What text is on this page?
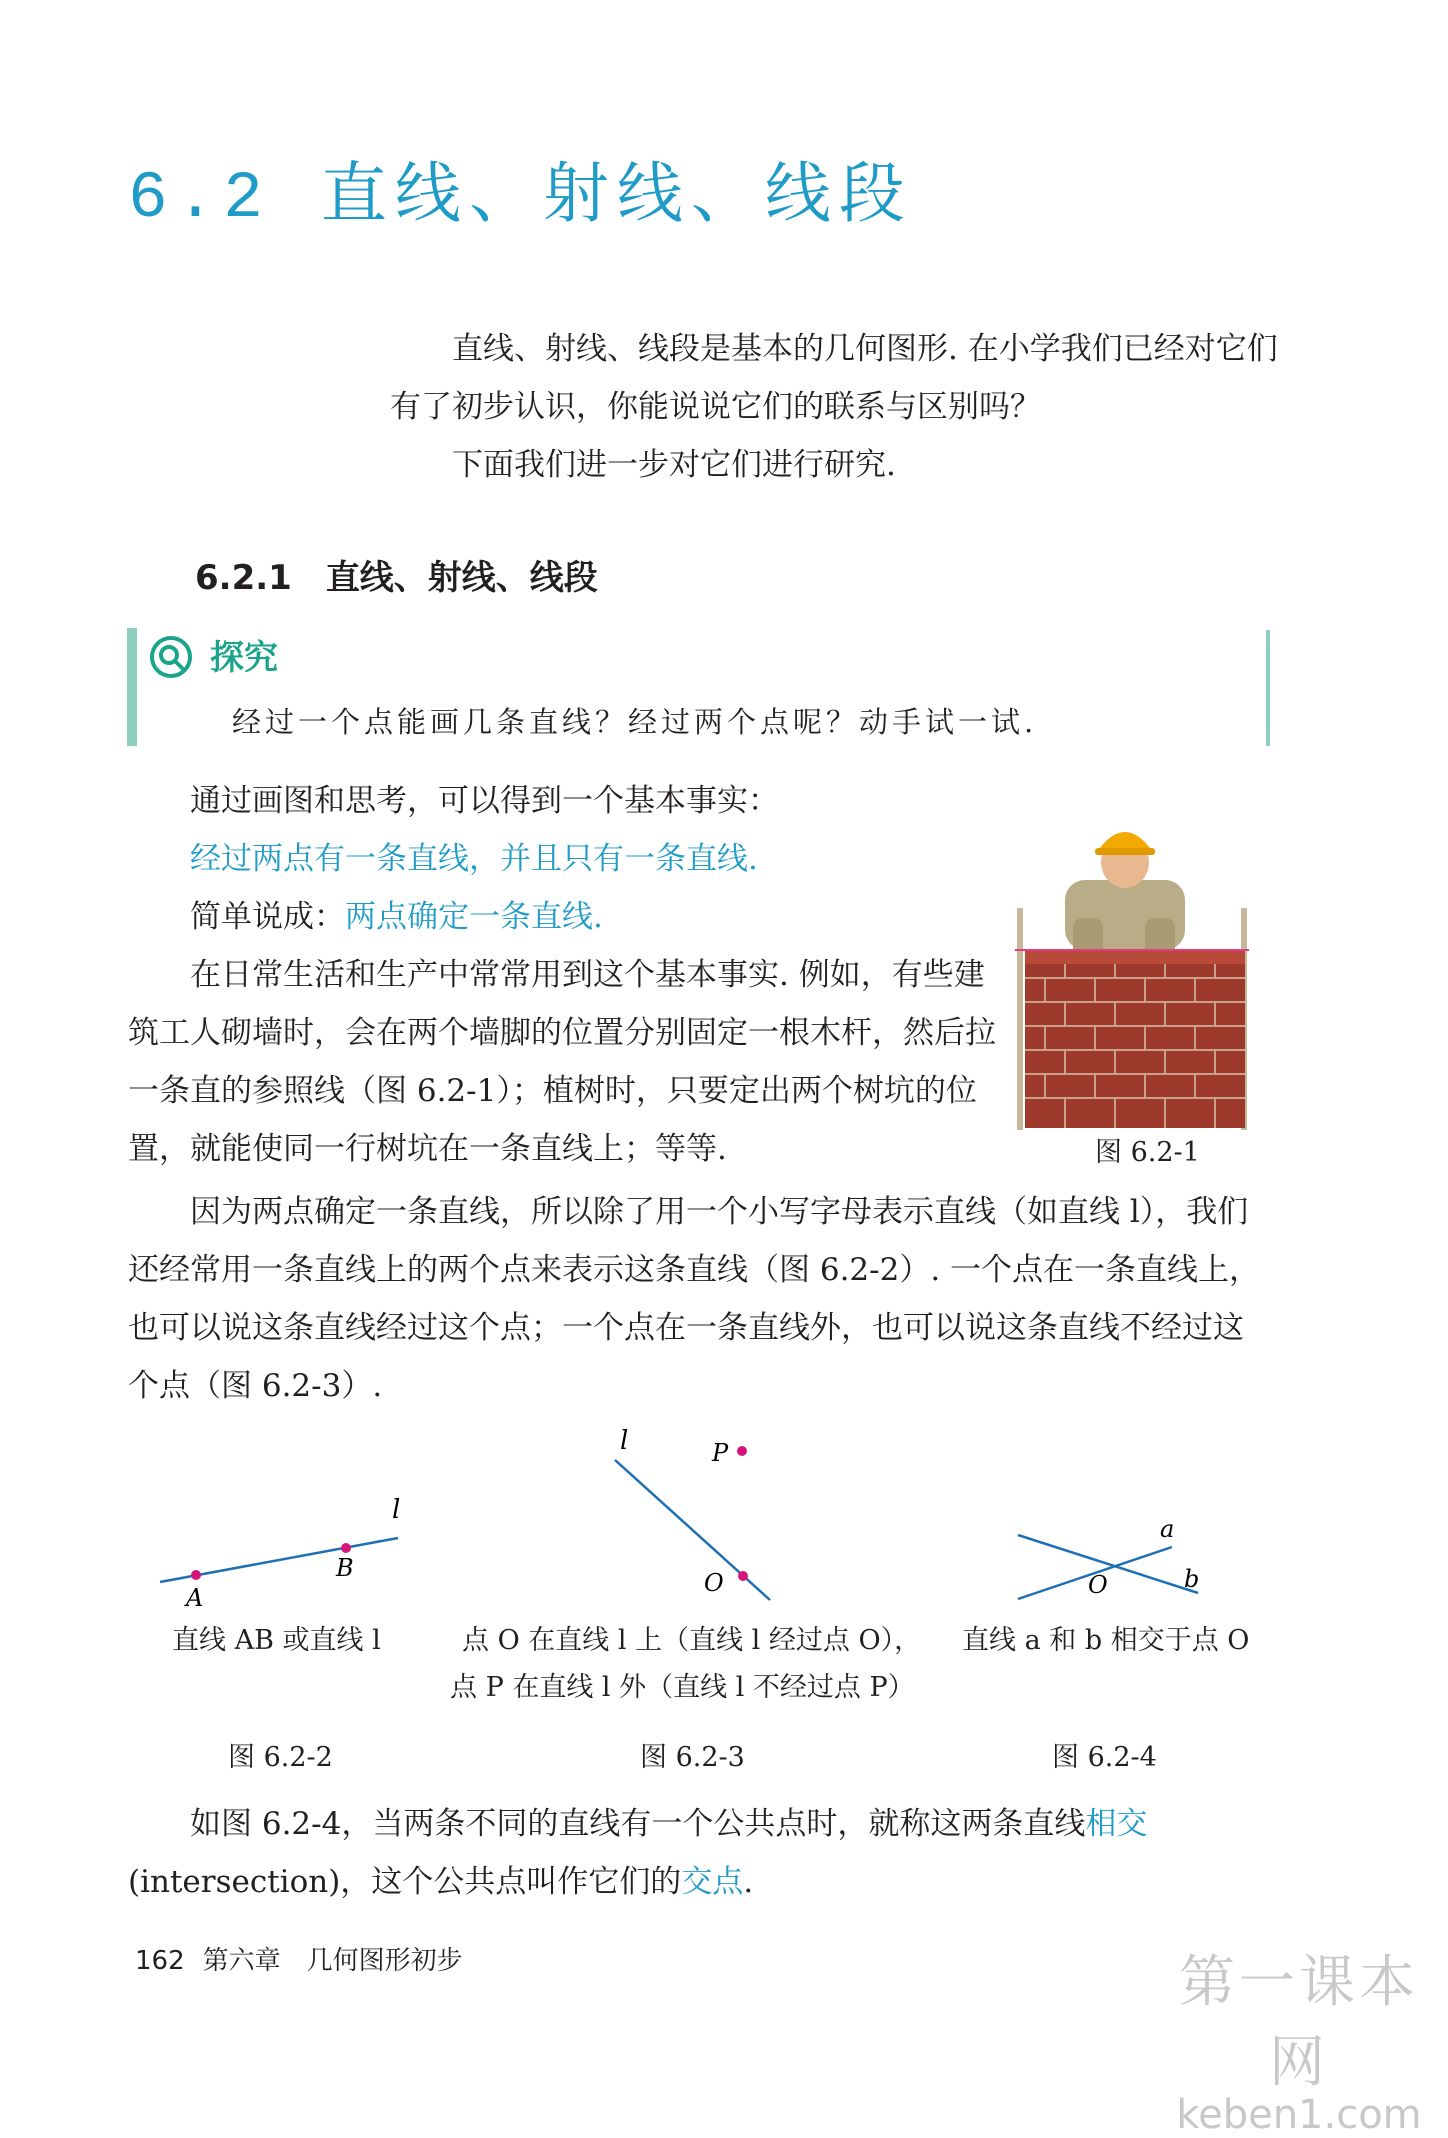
6.2 直线、射线、线段

直线、射线、线段是基本的几何图形. 在小学我们已经对它们有了初步认识，你能说说它们的联系与区别吗？

下面我们进一步对它们进行研究.

6.2.1 直线、射线、线段
探究
经过一个点能画几条直线？经过两个点呢？动手试一试.

通过画图和思考，可以得到一个基本事实：

经过两点有一条直线，并且只有一条直线.

简单说成：两点确定一条直线.

在日常生活和生产中常常用到这个基本事实. 例如，有些建筑工人砌墙时，会在两个墙脚的位置分别固定一根木杆，然后拉一条直的参照线（图 6.2-1）；植树时，只要定出两个树坑的位置，就能使同一行树坑在一条直线上；等等.	图 6.2-1

因为两点确定一条直线，所以除了用一个小写字母表示直线（如直线 l），我们还经常用一条直线上的两个点来表示这条直线（图 6.2-2）. 一个点在一条直线上，也可以说这条直线经过这个点；一个点在一条直线外，也可以说这条直线不经过这个点（图 6.2-3）.

l
A
B
直线 AB 或直线 l
图 6.2-2
l	P
O
点 O 在直线 l 上（直线 l 经过点 O），
点 P 在直线 l 外（直线 l 不经过点 P）
图 6.2-3
a
b
O
直线 a 和 b 相交于点 O
图 6.2-4

如图 6.2-4，当两条不同的直线有一个公共点时，就称这两条直线相交(intersection)，这个公共点叫作它们的交点.

162 第六章　几何图形初步	第一课本网
keben1.com
